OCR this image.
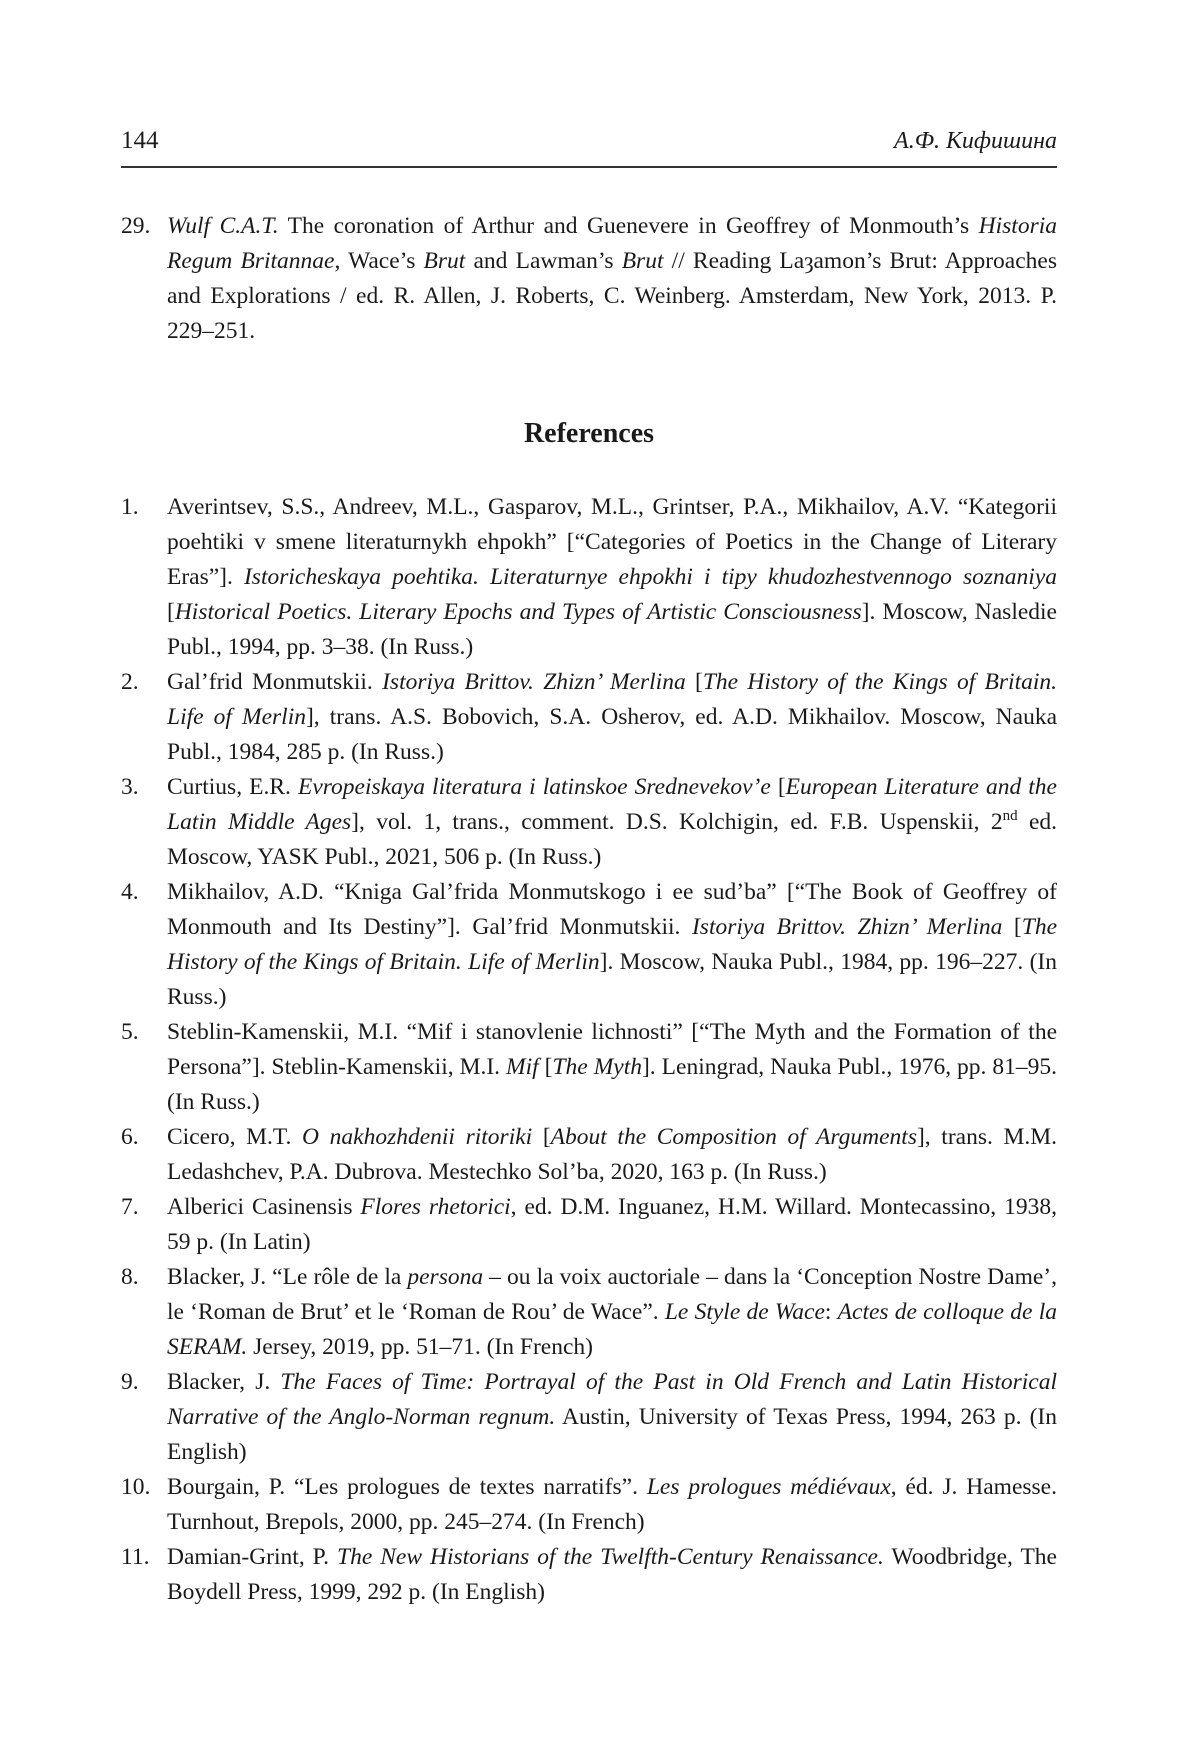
144	А.Ф. Кифишина
29. Wulf C.A.T. The coronation of Arthur and Guenevere in Geoffrey of Monmouth’s Historia Regum Britannae, Wace’s Brut and Lawman’s Brut // Reading Laȝamon’s Brut: Approaches and Explorations / ed. R. Allen, J. Roberts, C. Weinberg. Amsterdam, New York, 2013. P. 229–251.
References
1. Averintsev, S.S., Andreev, M.L., Gasparov, M.L., Grintser, P.A., Mikhailov, A.V. “Kategorii poehtiki v smene literaturnykh ehpokh” [“Categories of Poetics in the Change of Literary Eras”]. Istoricheskaya poehtika. Literaturnye ehpokhi i tipy khudozhestvennogo soznaniya [Historical Poetics. Literary Epochs and Types of Artistic Consciousness]. Moscow, Nasledie Publ., 1994, pp. 3–38. (In Russ.)
2. Gal’frid Monmutskii. Istoriya Brittov. Zhizn’ Merlina [The History of the Kings of Britain. Life of Merlin], trans. A.S. Bobovich, S.A. Osherov, ed. A.D. Mikhailov. Moscow, Nauka Publ., 1984, 285 p. (In Russ.)
3. Curtius, E.R. Evropeiskaya literatura i latinskoe Srednevekov’e [European Literature and the Latin Middle Ages], vol. 1, trans., comment. D.S. Kolchigin, ed. F.B. Uspenskii, 2nd ed. Moscow, YASK Publ., 2021, 506 p. (In Russ.)
4. Mikhailov, A.D. “Kniga Gal’frida Monmutskogo i ee sud’ba” [“The Book of Geoffrey of Monmouth and Its Destiny”]. Gal’frid Monmutskii. Istoriya Brittov. Zhizn’ Merlina [The History of the Kings of Britain. Life of Merlin]. Moscow, Nauka Publ., 1984, pp. 196–227. (In Russ.)
5. Steblin-Kamenskii, M.I. “Mif i stanovlenie lichnosti” [“The Myth and the Formation of the Persona”]. Steblin-Kamenskii, M.I. Mif [The Myth]. Leningrad, Nauka Publ., 1976, pp. 81–95. (In Russ.)
6. Cicero, M.T. O nakhozhdenii ritoriki [About the Composition of Arguments], trans. M.M. Ledashchev, P.A. Dubrova. Mestechko Sol’ba, 2020, 163 p. (In Russ.)
7. Alberici Casinensis Flores rhetorici, ed. D.M. Inguanez, H.M. Willard. Montecassino, 1938, 59 p. (In Latin)
8. Blacker, J. “Le rôle de la persona – ou la voix auctoriale – dans la ‘Conception Nostre Dame’, le ‘Roman de Brut’ et le ‘Roman de Rou’ de Wace”. Le Style de Wace: Actes de colloque de la SERAM. Jersey, 2019, pp. 51–71. (In French)
9. Blacker, J. The Faces of Time: Portrayal of the Past in Old French and Latin Historical Narrative of the Anglo-Norman regnum. Austin, University of Texas Press, 1994, 263 p. (In English)
10. Bourgain, P. “Les prologues de textes narratifs”. Les prologues médiévaux, éd. J. Hamesse. Turnhout, Brepols, 2000, pp. 245–274. (In French)
11. Damian-Grint, P. The New Historians of the Twelfth-Century Renaissance. Woodbridge, The Boydell Press, 1999, 292 p. (In English)
